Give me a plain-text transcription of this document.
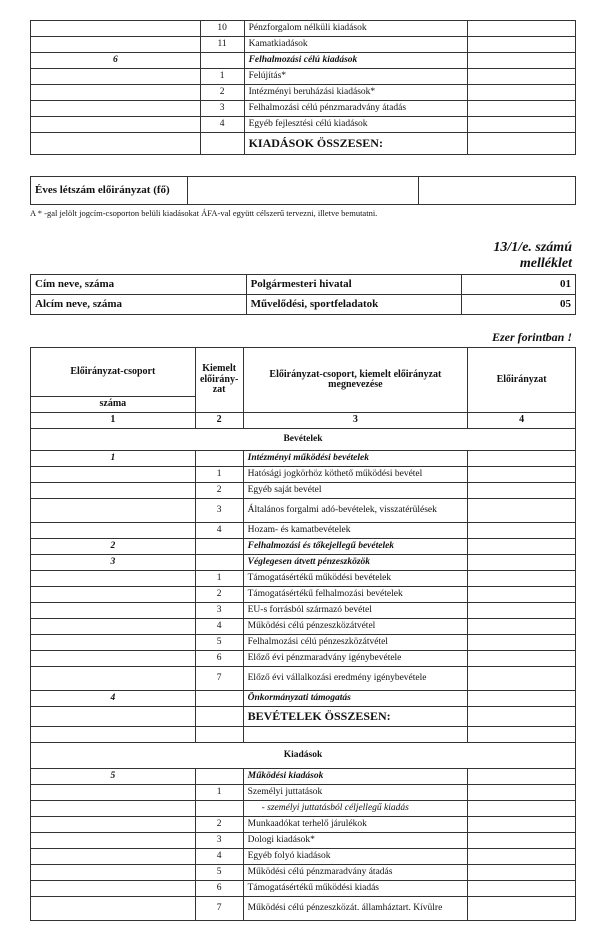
	10	Pénzforgalom nélküli kiadások	
	11	Kamatkiadások	
6		Felhalmozási célú kiadások	
	1	Felújítás*	
	2	Intézményi beruházási kiadások*	
	3	Felhalmozási célú pénzmaradvány átadás	
	4	Egyéb fejlesztési célú kiadások	
		KIADÁSOK ÖSSZESEN:	
Éves létszám előirányzat (fő)		
A * -gal jelölt jogcím-csoporton belüli kiadásokat ÁFA-val együtt célszerű tervezni, illetve bemutatni.
13/1/e. számú
melléklet
Cím neve, száma	Polgármesteri hivatal	01
Alcím neve, száma	Művelődési, sportfeladatok	05
Ezer forintban !
Előirányzat-csoport	Kiemelt előirány-zat	Előirányzat-csoport, kiemelt előirányzat megnevezése	Előirányzat
száma			
1	2	3	4
Bevételek			
1		Intézményi működési bevételek	
	1	Hatósági jogkörhöz köthető működési bevétel	
	2	Egyéb saját bevétel	
	3	Általános forgalmi adó-bevételek, visszatérülések	
	4	Hozam- és kamatbevételek	
2		Felhalmozási és tőkejellegű bevételek	
3		Véglegesen átvett pénzeszközök	
	1	Támogatásértékű működési bevételek	
	2	Támogatásértékű felhalmozási bevételek	
	3	EU-s forrásból származó bevétel	
	4	Működési célú pénzeszközátvétel	
	5	Felhalmozási célú pénzeszközátvétel	
	6	Előző évi pénzmaradvány igénybevétele	
	7	Előző évi vállalkozási eredmény igénybevétele	
4		Önkormányzati támogatás	
		BEVÉTELEK ÖSSZESEN:	

Kiadások			
5		Működési kiadások	
	1	Személyi juttatások	
		- személyi juttatásból céljellegű kiadás	
	2	Munkaadókat terhelő járulékok	
	3	Dologi kiadások*	
	4	Egyéb folyó kiadások	
	5	Működési célú pénzmaradvány átadás	
	6	Támogatásértékű működési kiadás	
	7	Működési célú pénzeszközát. államháztart. Kívülre	
